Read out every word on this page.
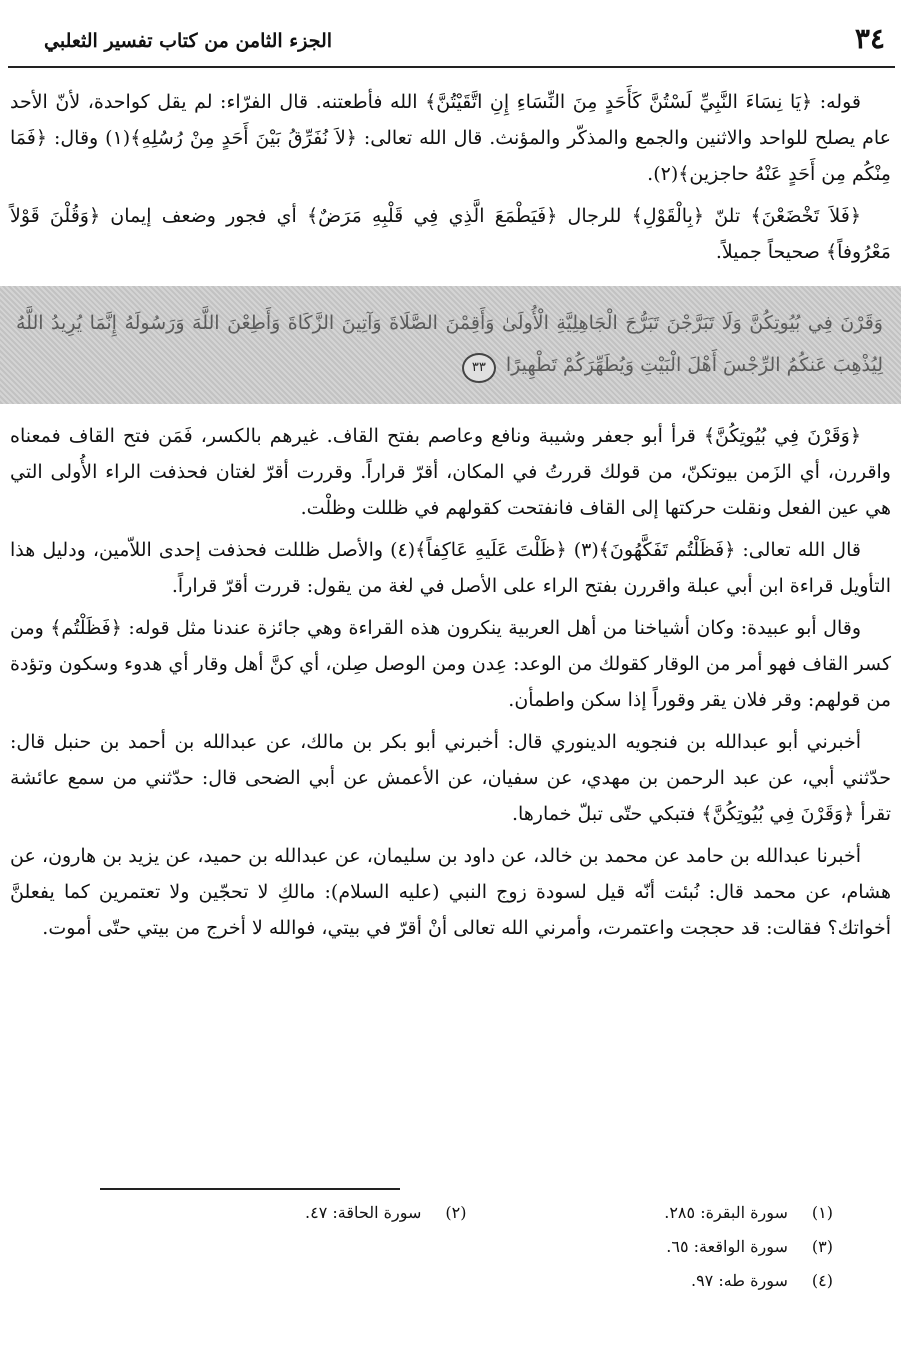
٣٤
الجزء الثامن من كتاب تفسير الثعلبي

قوله: ﴿يَا نِسَاءَ النَّبِيِّ لَسْتُنَّ كَأَحَدٍ مِنَ النِّسَاءِ إِنِ اتَّقَيْتُنَّ﴾ الله فأطعتنه. قال الفرّاء: لم يقل كواحدة، لأنّ الأحد عام يصلح للواحد والاثنين والجمع والمذكّر والمؤنث. قال الله تعالى: ﴿لاَ نُفَرِّقُ بَيْنَ أَحَدٍ مِنْ رُسُلِهِ﴾(١) وقال: ﴿فَمَا مِنْكُم مِن أَحَدٍ عَنْهُ حاجزين﴾(٢).

﴿فَلاَ تَخْضَعْنَ﴾ تلنّ ﴿بِالْقَوْلِ﴾ للرجال ﴿فَيَطْمَعَ الَّذِي فِي قَلْبِهِ مَرَضٌ﴾ أي فجور وضعف إيمان ﴿وَقُلْنَ قَوْلاً مَعْرُوفاً﴾ صحيحاً جميلاً.

وَقَرْنَ فِي بُيُوتِكُنَّ وَلَا تَبَرَّجْنَ تَبَرُّجَ الْجَاهِلِيَّةِ الْأُولَىٰ وَأَقِمْنَ الصَّلَاةَ وَآتِينَ الزَّكَاةَ وَأَطِعْنَ اللَّهَ وَرَسُولَهُ إِنَّمَا يُرِيدُ اللَّهُ لِيُذْهِبَ عَنكُمُ الرِّجْسَ أَهْلَ الْبَيْتِ وَيُطَهِّرَكُمْ تَطْهِيرًا ٣٣

﴿وَقَرْنَ فِي بُيُوتِكُنَّ﴾ قرأ أبو جعفر وشيبة ونافع وعاصم بفتح القاف. غيرهم بالكسر، فَمَن فتح القاف فمعناه واقررن، أي الزَمن بيوتكنّ، من قولك قررتُ في المكان، أقرّ قراراً. وقررت أقرّ لغتان فحذفت الراء الأُولى التي هي عين الفعل ونقلت حركتها إلى القاف فانفتحت كقولهم في ظللت وظلْت.

قال الله تعالى: ﴿فَظَلْتُم تَفَكَّهُونَ﴾(٣) ﴿ظَلْتَ عَلَيهِ عَاكِفاً﴾(٤) والأصل ظللت فحذفت إحدى اللاّمين، ودليل هذا التأويل قراءة ابن أبي عبلة واقررن بفتح الراء على الأصل في لغة من يقول: قررت أقرّ قراراً.

وقال أبو عبيدة: وكان أشياخنا من أهل العربية ينكرون هذه القراءة وهي جائزة عندنا مثل قوله: ﴿فَظَلْتُم﴾ ومن كسر القاف فهو أمر من الوقار كقولك من الوعد: عِدن ومن الوصل صِلن، أي كنَّ أهل وقار أي هدوء وسكون وتؤدة من قولهم: وقر فلان يقر وقوراً إذا سكن واطمأن.

أخبرني أبو عبدالله بن فنجويه الدينوري قال: أخبرني أبو بكر بن مالك، عن عبدالله بن أحمد بن حنبل قال: حدّثني أبي، عن عبد الرحمن بن مهدي، عن سفيان، عن الأعمش عن أبي الضحى قال: حدّثني من سمع عائشة تقرأ ﴿وَقَرْنَ فِي بُيُوتِكُنَّ﴾ فتبكي حتّى تبلّ خمارها.

أخبرنا عبدالله بن حامد عن محمد بن خالد، عن داود بن سليمان، عن عبدالله بن حميد، عن يزيد بن هارون، عن هشام، عن محمد قال: نُبئت أنّه قيل لسودة زوج النبي (عليه السلام): مالكِ لا تحجّين ولا تعتمرين كما يفعلنَّ أخواتك؟ فقالت: قد حججت واعتمرت، وأمرني الله تعالى أنْ أقرّ في بيتي، فوالله لا أخرج من بيتي حتّى أموت.

(١) سورة البقرة: ٢٨٥.
(٢) سورة الحاقة: ٤٧.
(٣) سورة الواقعة: ٦٥.
(٤) سورة طه: ٩٧.
